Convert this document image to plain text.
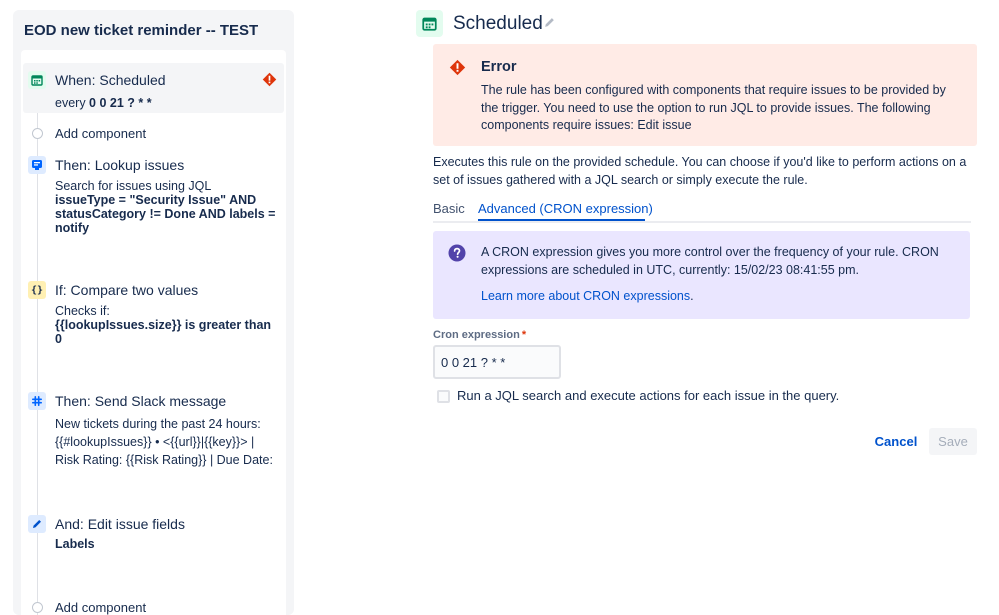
EOD new ticket reminder -- TEST
When: Scheduled
every 0 0 21 ? * *
Add component
Then: Lookup issues
Search for issues using JQL
issueType = "Security Issue" AND statusCategory != Done AND labels = notify
{} If: Compare two values
Checks if:
{{lookupIssues.size}} is greater than 0
Then: Send Slack message
New tickets during the past 24 hours: {{#lookupIssues}} • <{{url}}|{{key}}> | Risk Rating: {{Risk Rating}} | Due Date:
And: Edit issue fields
Labels
Add component
Scheduled
Error
The rule has been configured with components that require issues to be provided by the trigger. You need to use the option to run JQL to provide issues. The following components require issues: Edit issue
Executes this rule on the provided schedule. You can choose if you'd like to perform actions on a set of issues gathered with a JQL search or simply execute the rule.
Basic Advanced (CRON expression)
A CRON expression gives you more control over the frequency of your rule. CRON expressions are scheduled in UTC, currently: 15/02/23 08:41:55 pm.
Learn more about CRON expressions.
Cron expression *
0 0 21 ? * *
Run a JQL search and execute actions for each issue in the query.
Cancel	Save
